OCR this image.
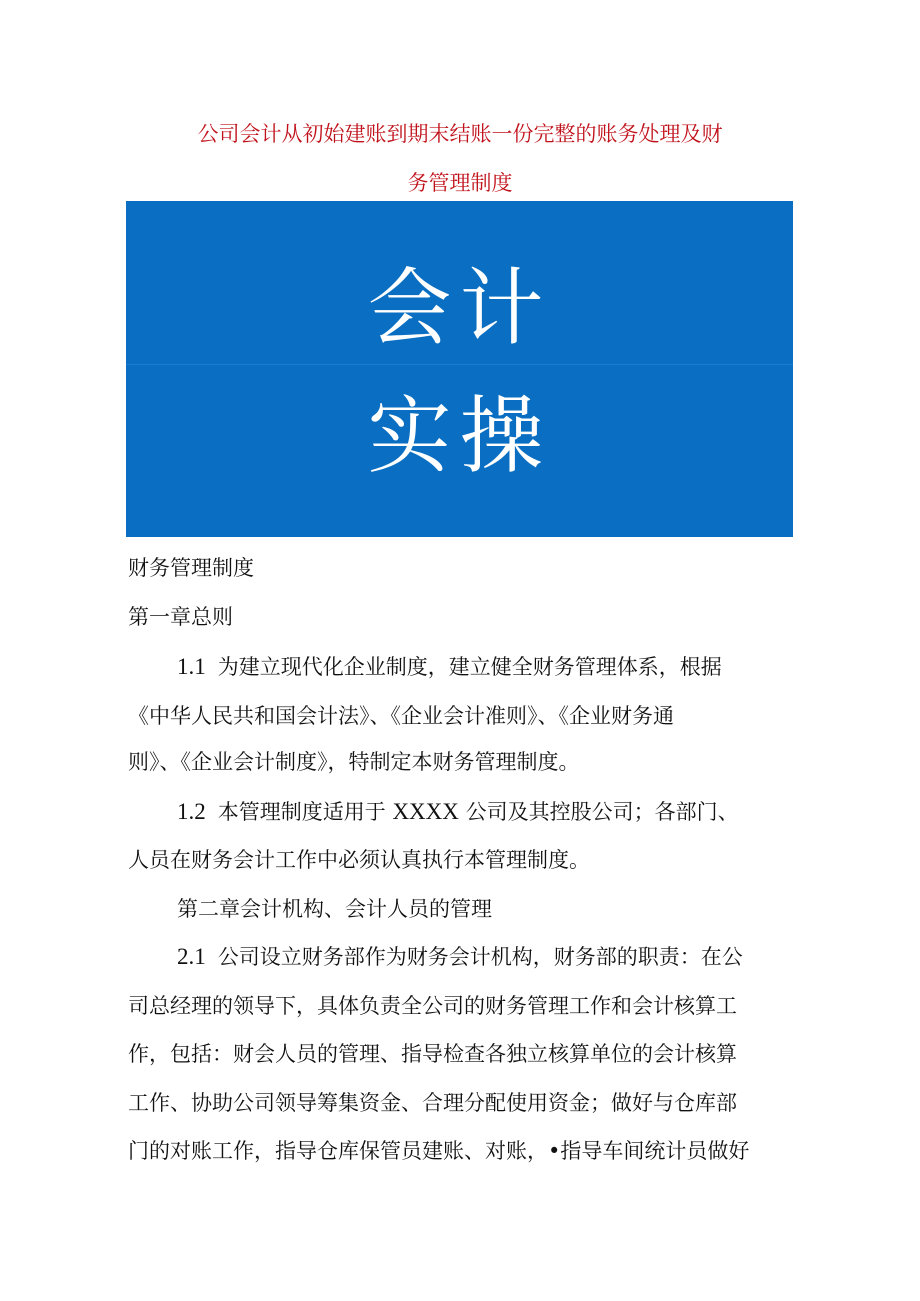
公司会计从初始建账到期末结账一份完整的账务处理及财
务管理制度
会计
实操
财务管理制度
第一章总则
1.1 为建立现代化企业制度，建立健全财务管理体系，根据
《中华人民共和国会计法》、《企业会计准则》、《企业财务通
则》、《企业会计制度》，特制定本财务管理制度。
1.2 本管理制度适用于 XXXX 公司及其控股公司；各部门、
人员在财务会计工作中必须认真执行本管理制度。
第二章会计机构、会计人员的管理
2.1 公司设立财务部作为财务会计机构，财务部的职责：在公
司总经理的领导下，具体负责全公司的财务管理工作和会计核算工
作，包括：财会人员的管理、指导检查各独立核算单位的会计核算
工作、协助公司领导筹集资金、合理分配使用资金；做好与仓库部
门的对账工作，指导仓库保管员建账、对账，•指导车间统计员做好
